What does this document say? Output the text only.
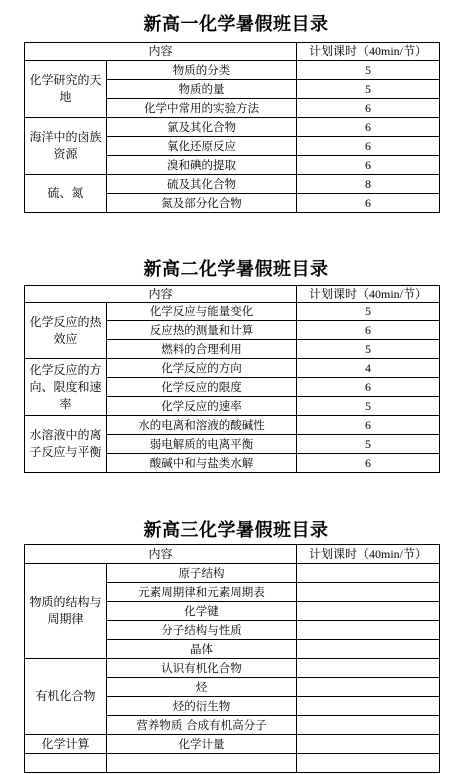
新高一化学暑假班目录
内容		计划课时（40min/节）
化学研究的天地	物质的分类	5
	物质的量	5
	化学中常用的实验方法	6
海洋中的卤族资源	氯及其化合物	6
	氧化还原反应	6
	溴和碘的提取	6
硫、氮	硫及其化合物	8
	氮及部分化合物	6
新高二化学暑假班目录
内容		计划课时（40min/节）
化学反应的热效应	化学反应与能量变化	5
	反应热的测量和计算	6
	燃料的合理利用	5
化学反应的方向、限度和速率	化学反应的方向	4
	化学反应的限度	6
	化学反应的速率	5
水溶液中的离子反应与平衡	水的电离和溶液的酸碱性	6
	弱电解质的电离平衡	5
	酸碱中和与盐类水解	6
新高三化学暑假班目录
内容		计划课时（40min/节）
物质的结构与周期律	原子结构	
	元素周期律和元素周期表	
	化学键	
	分子结构与性质	
	晶体	
有机化合物	认识有机化合物	
	烃	
	烃的衍生物	
	营养物质 合成有机高分子	
化学计算	化学计量	
